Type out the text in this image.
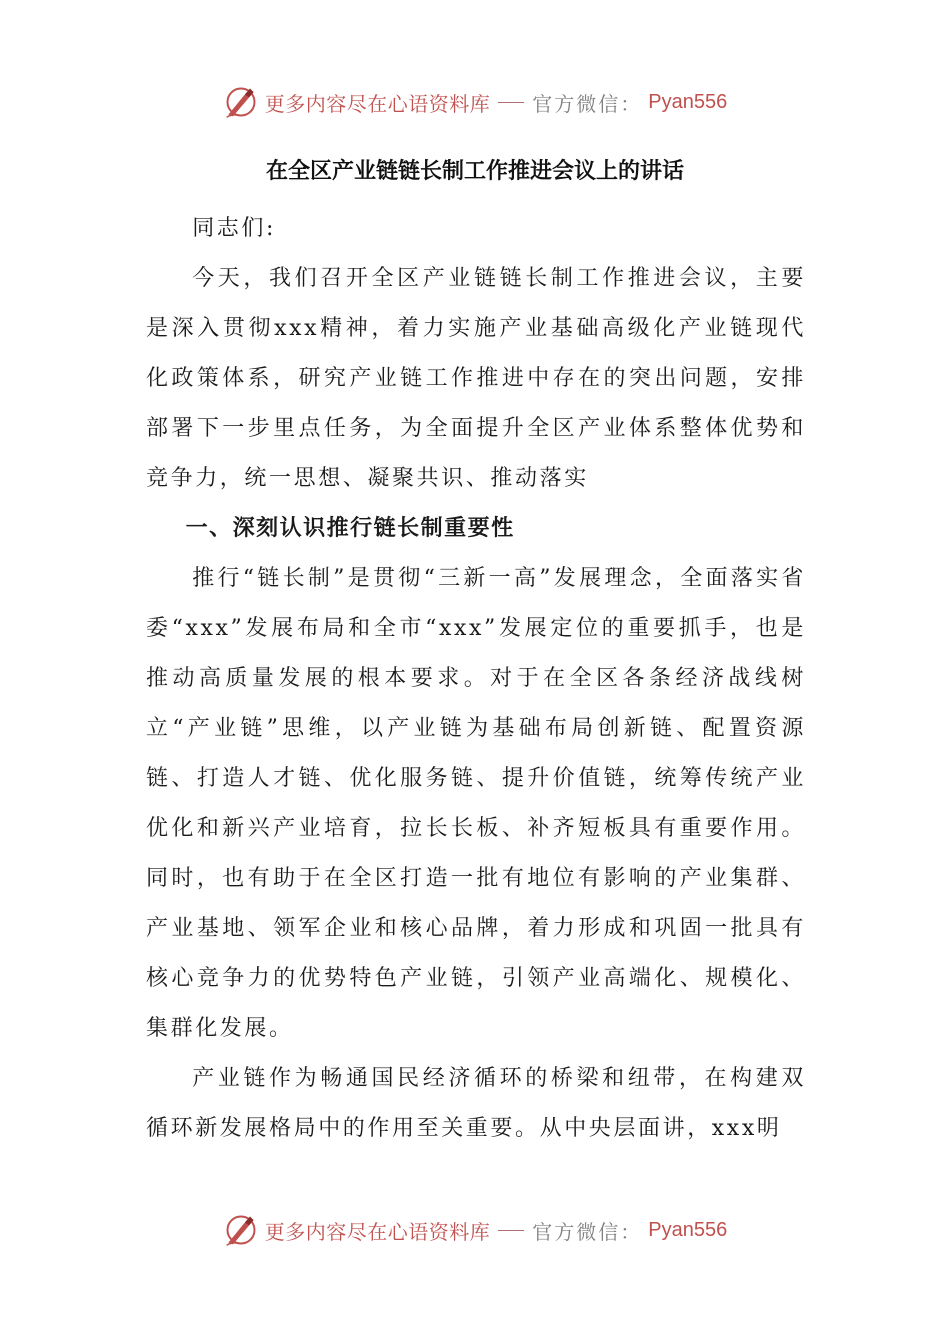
更多内容尽在心语资料库 官方微信： Pyan556
在全区产业链链长制工作推进会议上的讲话

同志们:

今天，我们召开全区产业链链长制工作推进会议，主要是深入贯彻xxx精神，着力实施产业基础高级化产业链现代化政策体系，研究产业链工作推进中存在的突出问题，安排部署下一步里点任务，为全面提升全区产业体系整体优势和竞争力，统一思想、凝聚共识、推动落实

一、深刻认识推行链长制重要性

推行“链长制”是贯彻“三新一高”发展理念，全面落实省委“xxx”发展布局和全市“xxx”发展定位的重要抓手，也是推动高质量发展的根本要求。对于在全区各条经济战线树立“产业链”思维，以产业链为基础布局创新链、配置资源链、打造人才链、优化服务链、提升价值链，统筹传统产业优化和新兴产业培育，拉长长板、补齐短板具有重要作用。同时，也有助于在全区打造一批有地位有影响的产业集群、产业基地、领军企业和核心品牌，着力形成和巩固一批具有核心竞争力的优势特色产业链，引领产业高端化、规模化、集群化发展。

产业链作为畅通国民经济循环的桥梁和纽带，在构建双循环新发展格局中的作用至关重要。从中央层面讲，xxx明

更多内容尽在心语资料库 官方微信： Pyan556
